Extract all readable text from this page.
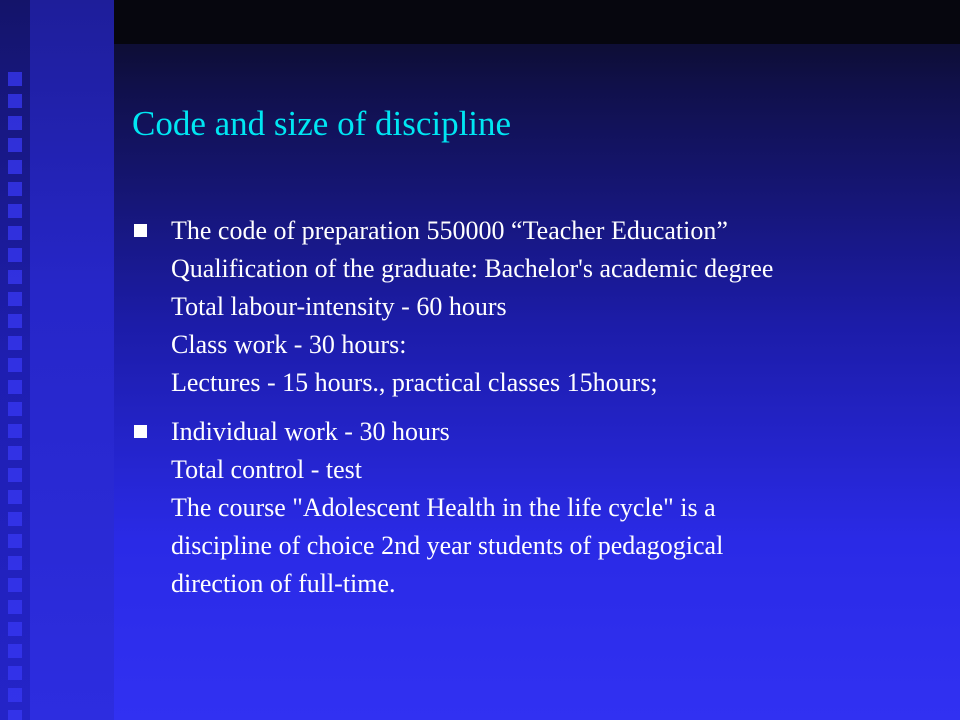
Code and size of discipline
The code of preparation 550000 “Teacher Education”
Qualification of the graduate: Bachelor's academic degree
Total labour-intensity - 60 hours
Class work - 30 hours:
Lectures - 15 hours., practical classes 15hours;
Individual work - 30 hours
Total control - test
The course "Adolescent Health in the life cycle" is a
discipline of choice 2nd year students of pedagogical
direction of full-time.
